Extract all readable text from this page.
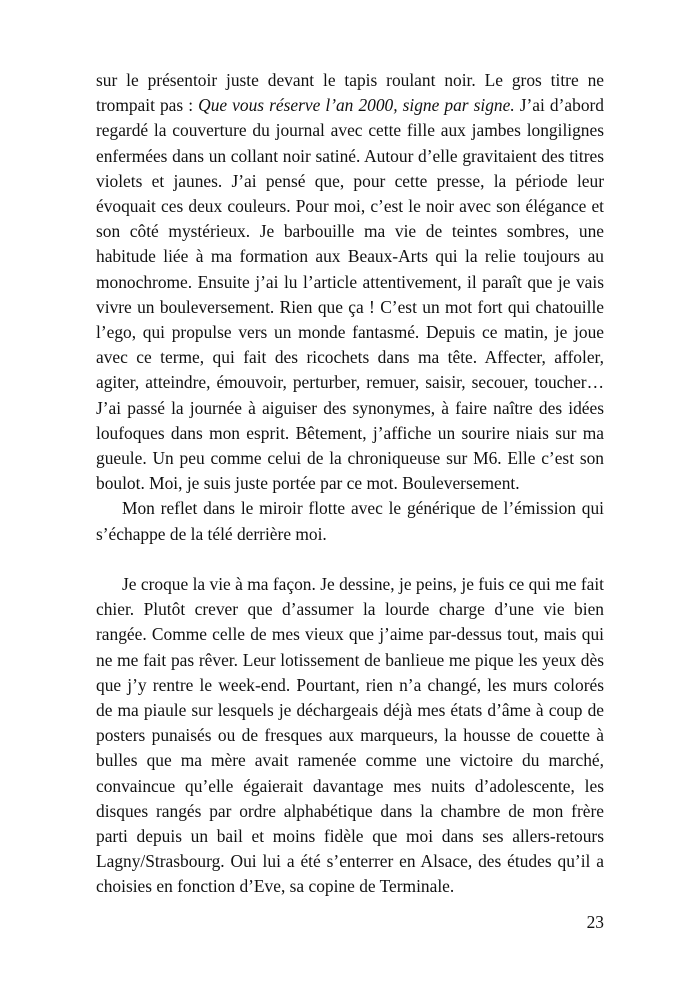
sur le présentoir juste devant le tapis roulant noir. Le gros titre ne trompait pas : Que vous réserve l’an 2000, signe par signe. J’ai d’abord regardé la couverture du journal avec cette fille aux jambes longilignes enfermées dans un collant noir satiné. Autour d’elle gravitaient des titres violets et jaunes. J’ai pensé que, pour cette presse, la période leur évoquait ces deux couleurs. Pour moi, c’est le noir avec son élégance et son côté mystérieux. Je barbouille ma vie de teintes sombres, une habitude liée à ma formation aux Beaux-Arts qui la relie toujours au monochrome. Ensuite j’ai lu l’article attentivement, il paraît que je vais vivre un bouleversement. Rien que ça ! C’est un mot fort qui chatouille l’ego, qui propulse vers un monde fantasmé. Depuis ce matin, je joue avec ce terme, qui fait des ricochets dans ma tête. Affecter, affoler, agiter, atteindre, émouvoir, perturber, remuer, saisir, secouer, toucher… J’ai passé la journée à aiguiser des synonymes, à faire naître des idées loufoques dans mon esprit. Bêtement, j’affiche un sourire niais sur ma gueule. Un peu comme celui de la chroniqueuse sur M6. Elle c’est son boulot. Moi, je suis juste portée par ce mot. Bouleversement.

Mon reflet dans le miroir flotte avec le générique de l’émission qui s’échappe de la télé derrière moi.

Je croque la vie à ma façon. Je dessine, je peins, je fuis ce qui me fait chier. Plutôt crever que d’assumer la lourde charge d’une vie bien rangée. Comme celle de mes vieux que j’aime par-dessus tout, mais qui ne me fait pas rêver. Leur lotissement de banlieue me pique les yeux dès que j’y rentre le week-end. Pourtant, rien n’a changé, les murs colorés de ma piaule sur lesquels je déchargeais déjà mes états d’âme à coup de posters punaisés ou de fresques aux marqueurs, la housse de couette à bulles que ma mère avait ramenée comme une victoire du marché, convaincue qu’elle égaierait davantage mes nuits d’adolescente, les disques rangés par ordre alphabétique dans la chambre de mon frère parti depuis un bail et moins fidèle que moi dans ses allers-retours Lagny/Strasbourg. Oui lui a été s’enterrer en Alsace, des études qu’il a choisies en fonction d’Eve, sa copine de Terminale.

23
